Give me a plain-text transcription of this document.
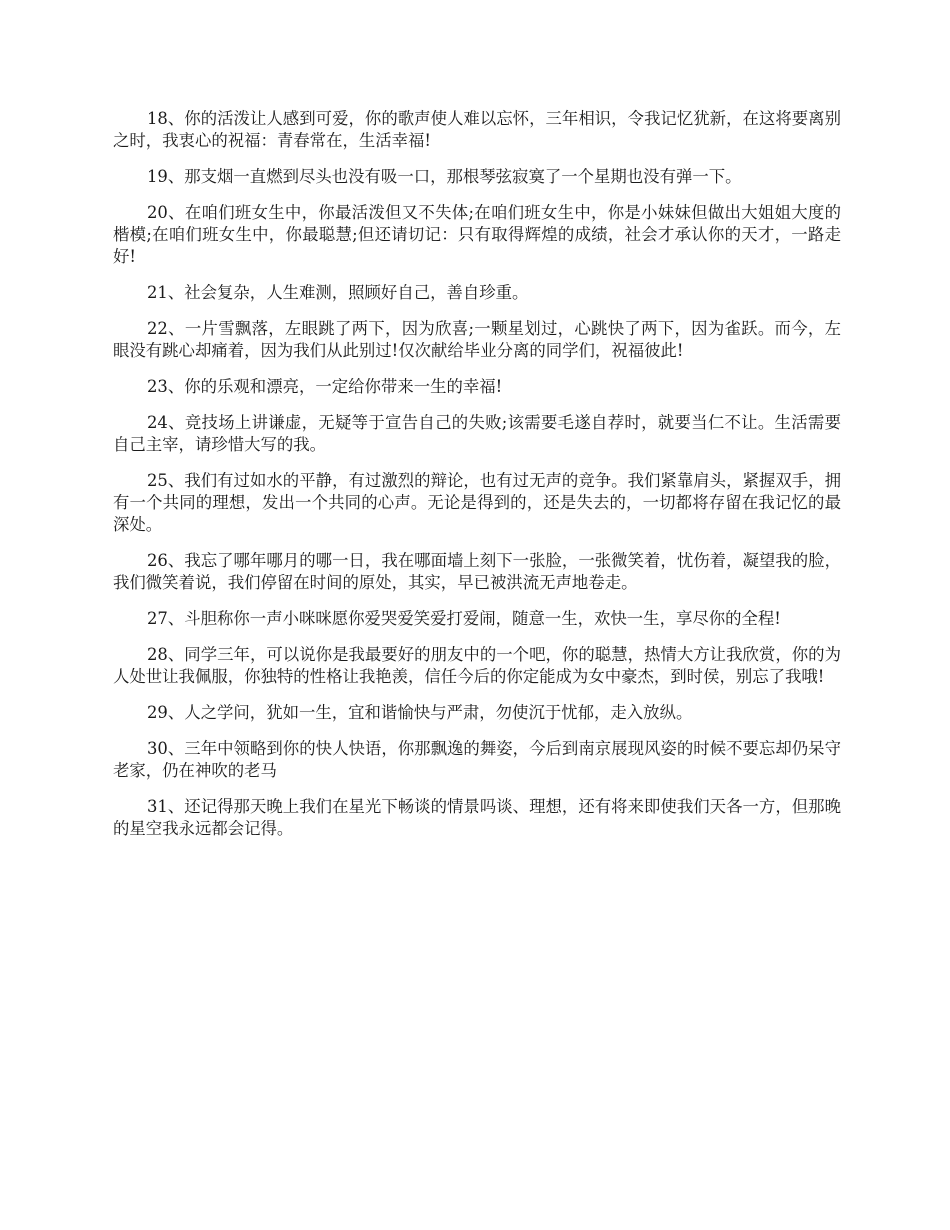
18、你的活泼让人感到可爱，你的歌声使人难以忘怀，三年相识，令我记忆犹新，在这将要离别之时，我衷心的祝福：青春常在，生活幸福!

19、那支烟一直燃到尽头也没有吸一口，那根琴弦寂寞了一个星期也没有弹一下。

20、在咱们班女生中，你最活泼但又不失体;在咱们班女生中，你是小妹妹但做出大姐姐大度的楷模;在咱们班女生中，你最聪慧;但还请切记：只有取得辉煌的成绩，社会才承认你的天才，一路走好!

21、社会复杂，人生难测，照顾好自己，善自珍重。

22、一片雪飘落，左眼跳了两下，因为欣喜;一颗星划过，心跳快了两下，因为雀跃。而今，左眼没有跳心却痛着，因为我们从此别过!仅次献给毕业分离的同学们，祝福彼此!

23、你的乐观和漂亮，一定给你带来一生的幸福!

24、竞技场上讲谦虚，无疑等于宣告自己的失败;该需要毛遂自荐时，就要当仁不让。生活需要自己主宰，请珍惜大写的我。

25、我们有过如水的平静，有过激烈的辩论，也有过无声的竞争。我们紧靠肩头，紧握双手，拥有一个共同的理想，发出一个共同的心声。无论是得到的，还是失去的，一切都将存留在我记忆的最深处。

26、我忘了哪年哪月的哪一日，我在哪面墙上刻下一张脸，一张微笑着，忧伤着，凝望我的脸，我们微笑着说，我们停留在时间的原处，其实，早已被洪流无声地卷走。

27、斗胆称你一声小咪咪愿你爱哭爱笑爱打爱闹，随意一生，欢快一生，享尽你的全程!

28、同学三年，可以说你是我最要好的朋友中的一个吧，你的聪慧，热情大方让我欣赏，你的为人处世让我佩服，你独特的性格让我艳羡，信任今后的你定能成为女中豪杰，到时侯，别忘了我哦!

29、人之学问，犹如一生，宜和谐愉快与严肃，勿使沉于忧郁，走入放纵。

30、三年中领略到你的快人快语，你那飘逸的舞姿，今后到南京展现风姿的时候不要忘却仍呆守老家，仍在神吹的老马

31、还记得那天晚上我们在星光下畅谈的情景吗谈、理想，还有将来即使我们天各一方，但那晚的星空我永远都会记得。
